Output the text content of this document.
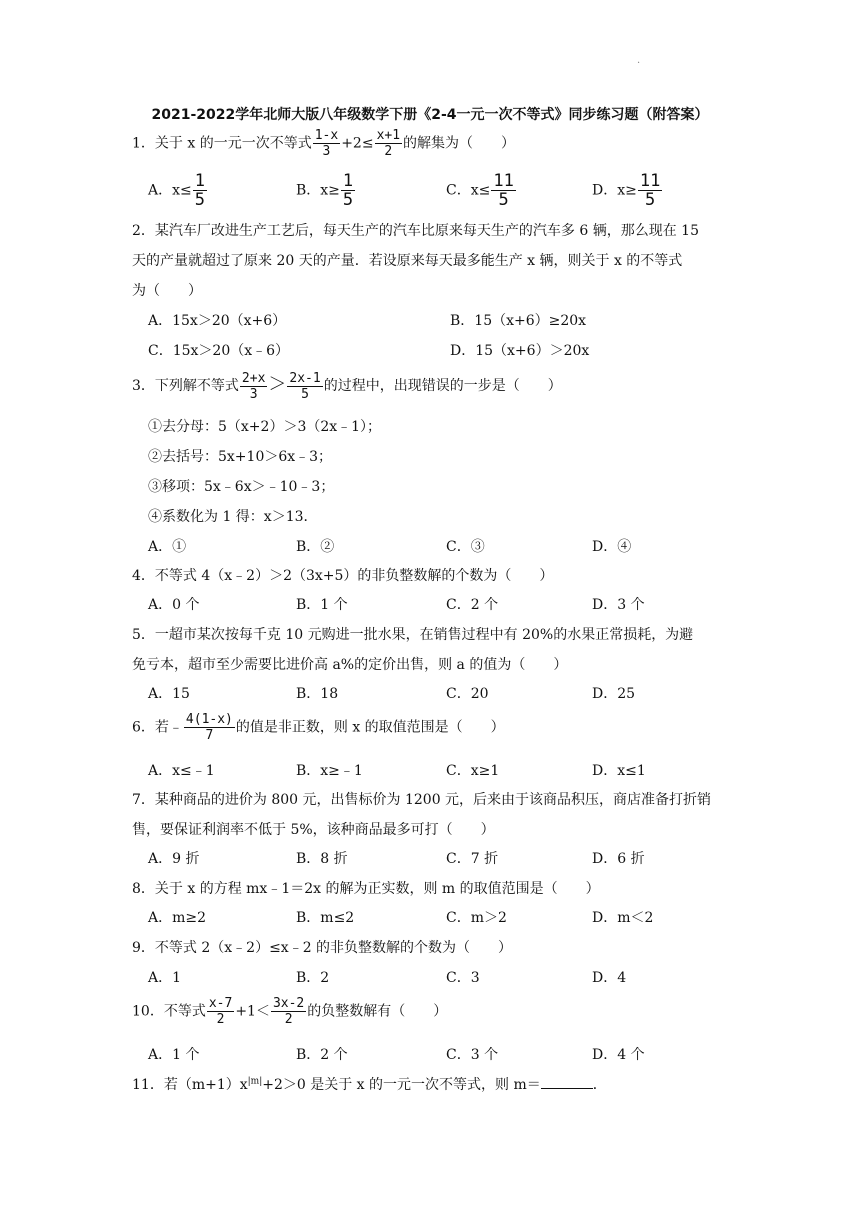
·
2021-2022学年北师大版八年级数学下册《2-4一元一次不等式》同步练习题（附答案）
1．关于 x 的一元一次不等式 $\frac{1-x}{3} +2\le \frac{x+1}{2}$ 的解集为（　　）
A．$x\le \frac{1}{5}$	B．$x\ge \frac{1}{5}$	C．$x\le \frac{11}{5}$	D．$x\ge \frac{11}{5}$
2．某汽车厂改进生产工艺后，每天生产的汽车比原来每天生产的汽车多 6 辆，那么现在 15
天的产量就超过了原来 20 天的产量．若设原来每天最多能生产 x 辆，则关于 x 的不等式
为（　　）
A．15x＞20（x+6）	B．15（x+6）≥20x
C．15x＞20（x﹣6）	D．15（x+6）＞20x
3．下列解不等式 $\frac{2+x}{3} > \frac{2x-1}{5}$ 的过程中，出现错误的一步是（　　）
①去分母：5（x+2）＞3（2x﹣1）；
②去括号：5x+10＞6x﹣3；
③移项：5x﹣6x＞﹣10﹣3；
④系数化为 1 得：x＞13．
A．①	B．②	C．③	D．④
4．不等式 4（x﹣2）＞2（3x+5）的非负整数解的个数为（　　）
A．0 个	B．1 个	C．2 个	D．3 个
5．一超市某次按每千克 10 元购进一批水果，在销售过程中有 20%的水果正常损耗，为避
免亏本，超市至少需要比进价高 a%的定价出售，则 a 的值为（　　）
A．15	B．18	C．20	D．25
6．若﹣ $\frac{4(1-x)}{7}$ 的值是非正数，则 x 的取值范围是（　　）
A．x≤﹣1	B．x≥﹣1	C．x≥1	D．x≤1
7．某种商品的进价为 800 元，出售标价为 1200 元，后来由于该商品积压，商店准备打折销
售，要保证利润率不低于 5%，该种商品最多可打（　　）
A．9 折	B．8 折	C．7 折	D．6 折
8．关于 x 的方程 mx﹣1＝2x 的解为正实数，则 m 的取值范围是（　　）
A．m≥2	B．m≤2	C．m＞2	D．m＜2
9．不等式 2（x﹣2）≤x﹣2 的非负整数解的个数为（　　）
A．1	B．2	C．3	D．4
10．不等式 $\frac{x-7}{2} +1< \frac{3x-2}{2}$ 的负整数解有（　　）
A．1 个	B．2 个	C．3 个	D．4 个
11．若$(m+1)x^{|m|}+2>0$ 是关于 x 的一元一次不等式，则 m＝	．
